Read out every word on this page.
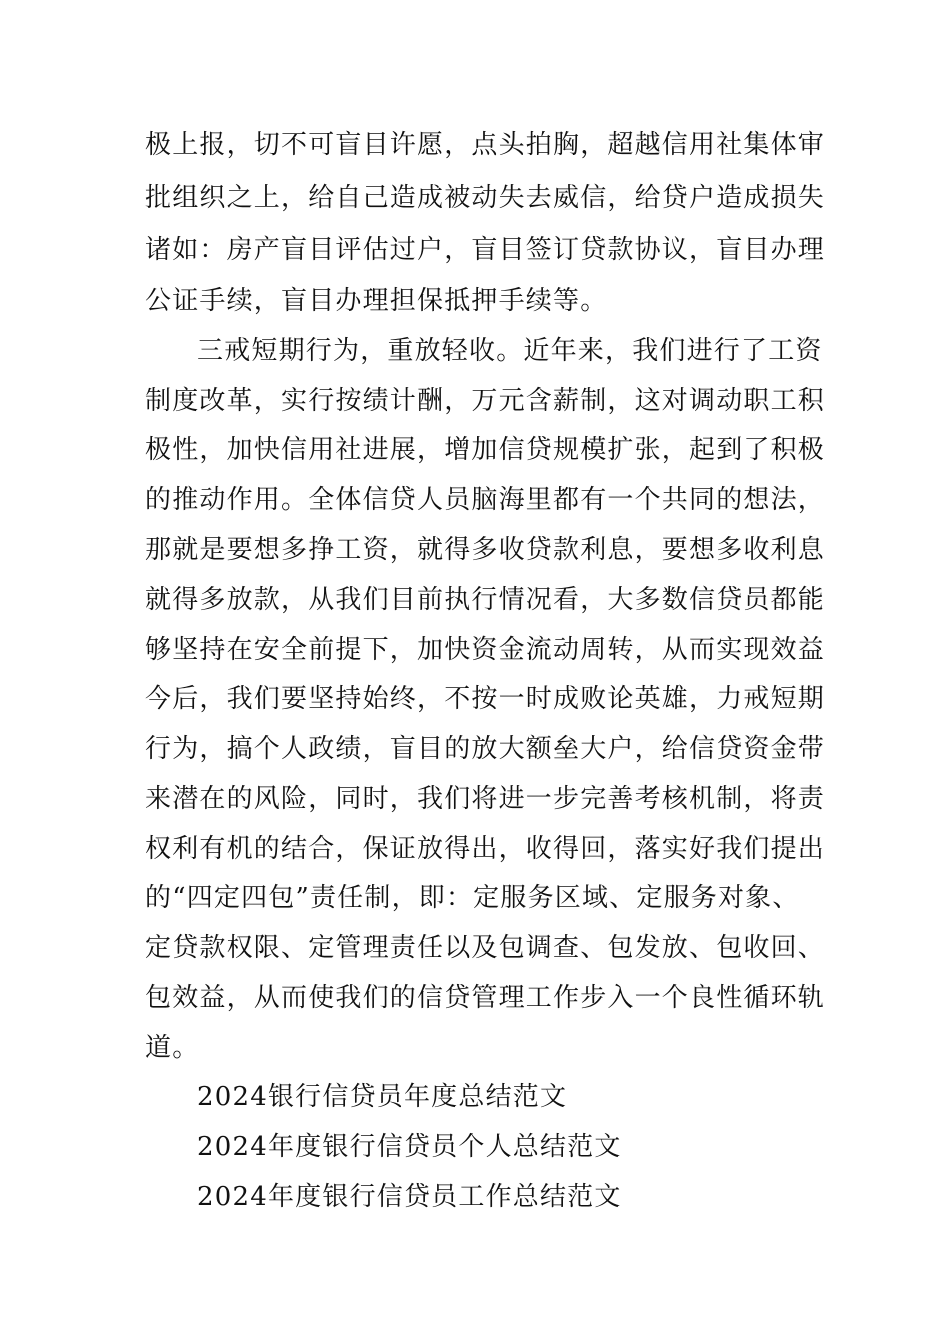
极上报，切不可盲目许愿，点头拍胸，超越信用社集体审
批组织之上，给自己造成被动失去威信，给贷户造成损失
诸如：房产盲目评估过户，盲目签订贷款协议，盲目办理
公证手续，盲目办理担保抵押手续等。
三戒短期行为，重放轻收。近年来，我们进行了工资
制度改革，实行按绩计酬，万元含薪制，这对调动职工积
极性，加快信用社进展，增加信贷规模扩张，起到了积极
的推动作用。全体信贷人员脑海里都有一个共同的想法，
那就是要想多挣工资，就得多收贷款利息，要想多收利息
就得多放款，从我们目前执行情况看，大多数信贷员都能
够坚持在安全前提下，加快资金流动周转，从而实现效益
今后，我们要坚持始终，不按一时成败论英雄，力戒短期
行为，搞个人政绩，盲目的放大额垒大户，给信贷资金带
来潜在的风险，同时，我们将进一步完善考核机制，将责
权利有机的结合，保证放得出，收得回，落实好我们提出
的“四定四包”责任制，即：定服务区域、定服务对象、
定贷款权限、定管理责任以及包调查、包发放、包收回、
包效益，从而使我们的信贷管理工作步入一个良性循环轨
道。
2024银行信贷员年度总结范文
2024年度银行信贷员个人总结范文
2024年度银行信贷员工作总结范文
